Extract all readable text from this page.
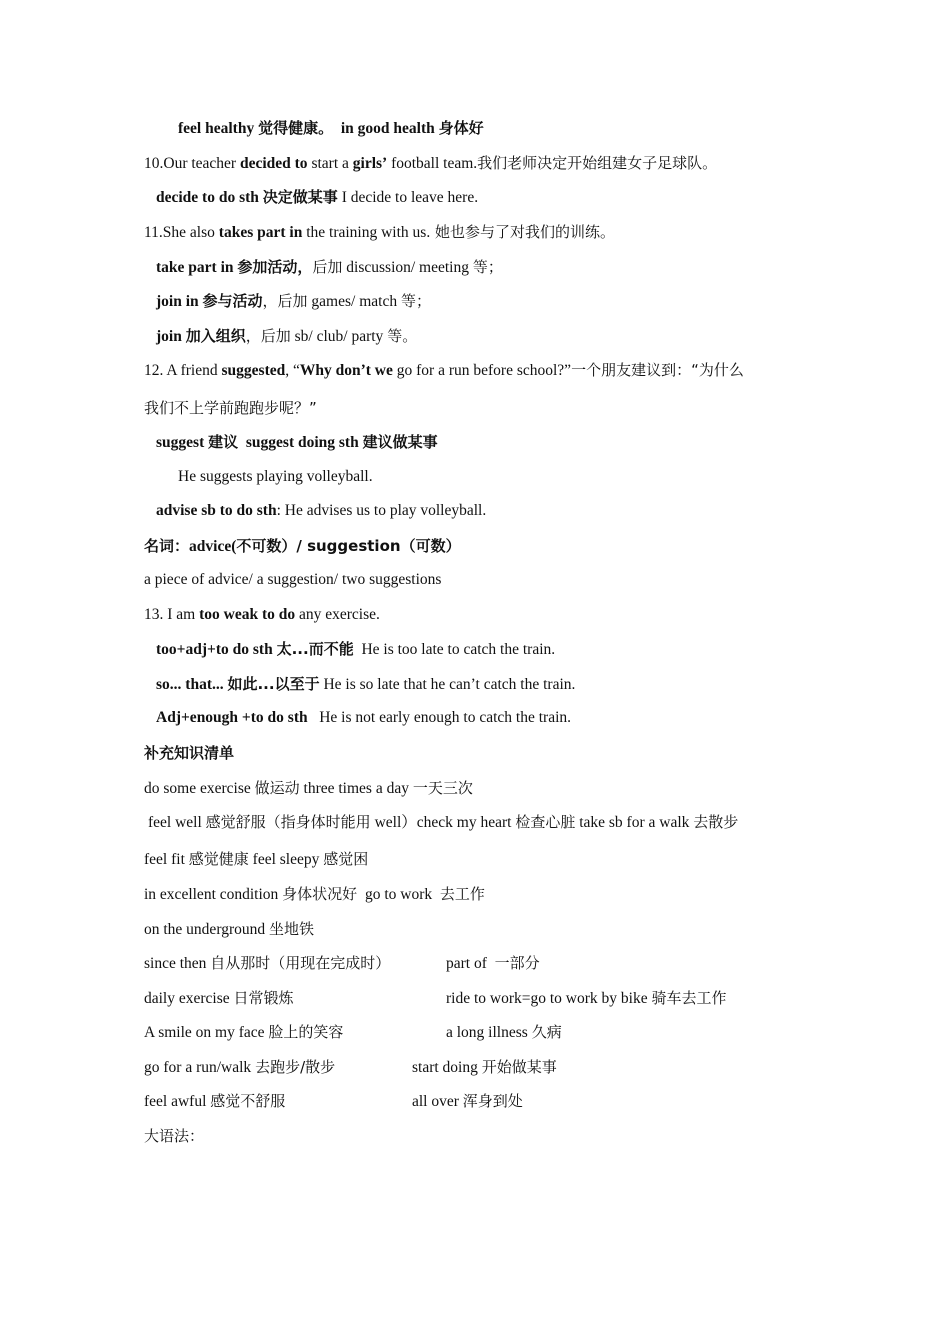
feel healthy 觉得健康。 in good health 身体好
10.Our teacher decided to start a girls’ football team.我们老师决定开始组建女子足球队。
decide to do sth 决定做某事 I decide to leave here.
11.She also takes part in the training with us. 她也参与了对我们的训练。
take part in 参加活动，后加 discussion/ meeting 等；
join in 参与活动，后加 games/ match 等；
join 加入组织，后加 sb/ club/ party 等。
12. A friend suggested, “Why don’t we go for a run before school?”一个朋友建议到：“为什么
我们不上学前跑跑步呢？”
suggest 建议 suggest doing sth 建议做某事
He suggests playing volleyball.
advise sb to do sth: He advises us to play volleyball.
名词：advice(不可数）/ suggestion（可数）
a piece of advice/ a suggestion/ two suggestions
13. I am too weak to do any exercise.
too+adj+to do sth 太...而不能 He is too late to catch the train.
so... that... 如此...以至于 He is so late that he can’t catch the train.
Adj+enough +to do sth He is not early enough to catch the train.
补充知识清单
do some exercise 做运动 three times a day 一天三次
feel well 感觉舒服（指身体时能用 well）check my heart 检查心脏 take sb for a walk 去散步
feel fit 感觉健康 feel sleepy 感觉困
in excellent condition 身体状况好 go to work 去工作
on the underground 坐地铁
since then 自从那时（用现在完成时）	part of 一部分
daily exercise 日常锻炼	ride to work=go to work by bike 骑车去工作
A smile on my face 脸上的笑容	a long illness 久病
go for a run/walk 去跑步/散步	start doing 开始做某事
feel awful 感觉不舒服	all over 浑身到处
大语法：
